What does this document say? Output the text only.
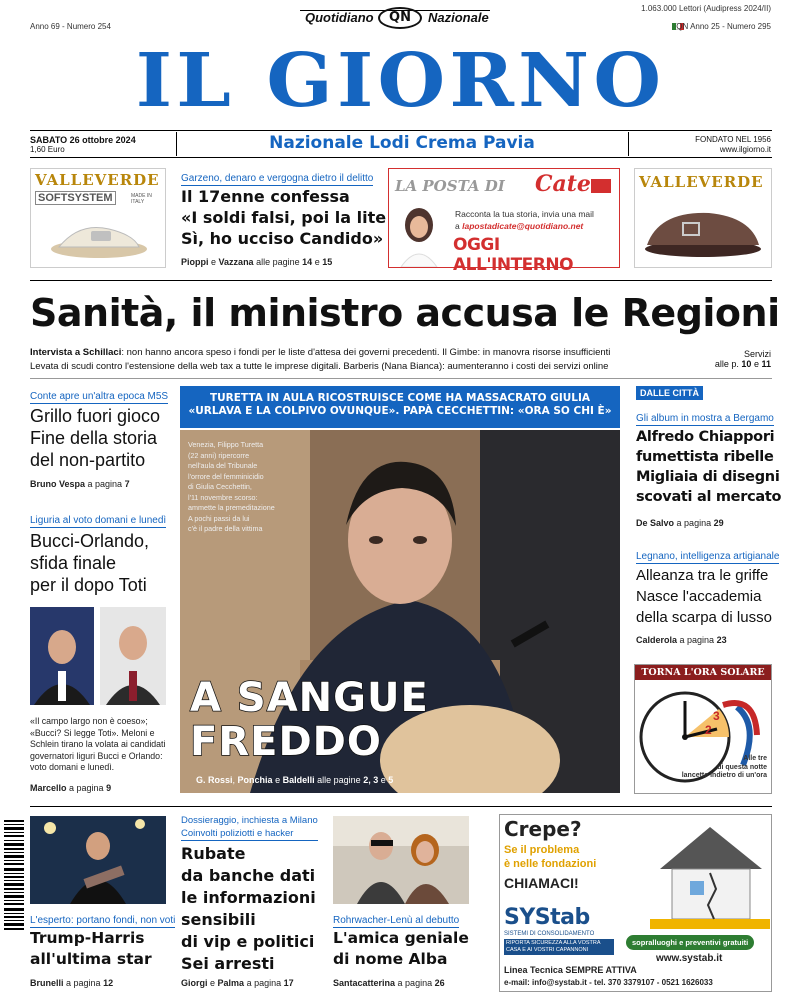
Quotidiano	QN	Nazionale
1.063.000 Lettori (Audipress 2024/II)
Anno 69 - Numero 254	QN Anno 25 - Numero 295
IL GIORNO
SABATO 26 ottobre 2024
1,60 Euro	Nazionale Lodi Crema Pavia	FONDATO NEL 1956
www.ilgiorno.it
VALLEVERDE
SOFTSYSTEM	MADE IN ITALY
Garzeno, denaro e vergogna dietro il delitto
Il 17enne confessa
«I soldi falsi, poi la lite
Sì, ho ucciso Candido»
Pioppi e Vazzana alle pagine 14 e 15
LA POSTA DI Cate
Racconta la tua storia, invia una mail
a lapostadicate@quotidiano.net
OGGI ALL'INTERNO
VALLEVERDE
Sanità, il ministro accusa le Regioni
Intervista a Schillaci: non hanno ancora speso i fondi per le liste d'attesa dei governi precedenti. Il Gimbe: in manovra risorse insufficienti
Levata di scudi contro l'estensione della web tax a tutte le imprese digitali. Barberis (Nana Bianca): aumenteranno i costi dei servizi online
Servizi
alle p. 10 e 11
Conte apre un'altra epoca M5S
Grillo fuori gioco
Fine della storia
del non-partito
Bruno Vespa a pagina 7
Liguria al voto domani e lunedì
Bucci-Orlando,
sfida finale
per il dopo Toti
«Il campo largo non è coeso»; «Bucci? Si legge Toti». Meloni e Schlein tirano la volata ai candidati governatori liguri Bucci e Orlando: voto domani e lunedì.
Marcello a pagina 9
TURETTA IN AULA RICOSTRUISCE COME HA MASSACRATO GIULIA
«URLAVA E LA COLPIVO OVUNQUE». PAPÀ CECCHETTIN: «ORA SO CHI È»
Venezia, Filippo Turetta
(22 anni) ripercorre
nell'aula del Tribunale
l'orrore del femminicidio
di Giulia Cecchettin,
l'11 novembre scorso:
ammette la premeditazione
A pochi passi da lui
c'è il padre della vittima
A SANGUE
FREDDO
G. Rossi, Ponchia e Baldelli alle pagine 2, 3 e 5
DALLE CITTÀ
Gli album in mostra a Bergamo
Alfredo Chiappori
fumettista ribelle
Migliaia di disegni
scovati al mercato
De Salvo a pagina 29
Legnano, intelligenza artigianale
Alleanza tra le griffe
Nasce l'accademia
della scarpa di lusso
Calderola a pagina 23
TORNA L'ORA SOLARE
3
2
Alle tre
di questa notte
lancette indietro di un'ora
L'esperto: portano fondi, non voti
Trump-Harris
all'ultima star
Brunelli a pagina 12
Dossieraggio, inchiesta a Milano
Coinvolti poliziotti e hacker
Rubate
da banche dati
le informazioni
sensibili
di vip e politici
Sei arresti
Giorgi e Palma a pagina 17
Rohrwacher-Lenù al debutto
L'amica geniale
di nome Alba
Santacatterina a pagina 26
Crepe?
Se il problema
è nelle fondazioni
CHIAMACI!
SYStab
SISTEMI DI CONSOLIDAMENTO
RIPORTA SICUREZZA ALLA VOSTRA CASA E AI VOSTRI CAPANNONI
sopralluoghi e preventivi gratuiti
www.systab.it
Linea Tecnica SEMPRE ATTIVA
e-mail: info@systab.it - tel. 370 3379107 - 0521 1626033
